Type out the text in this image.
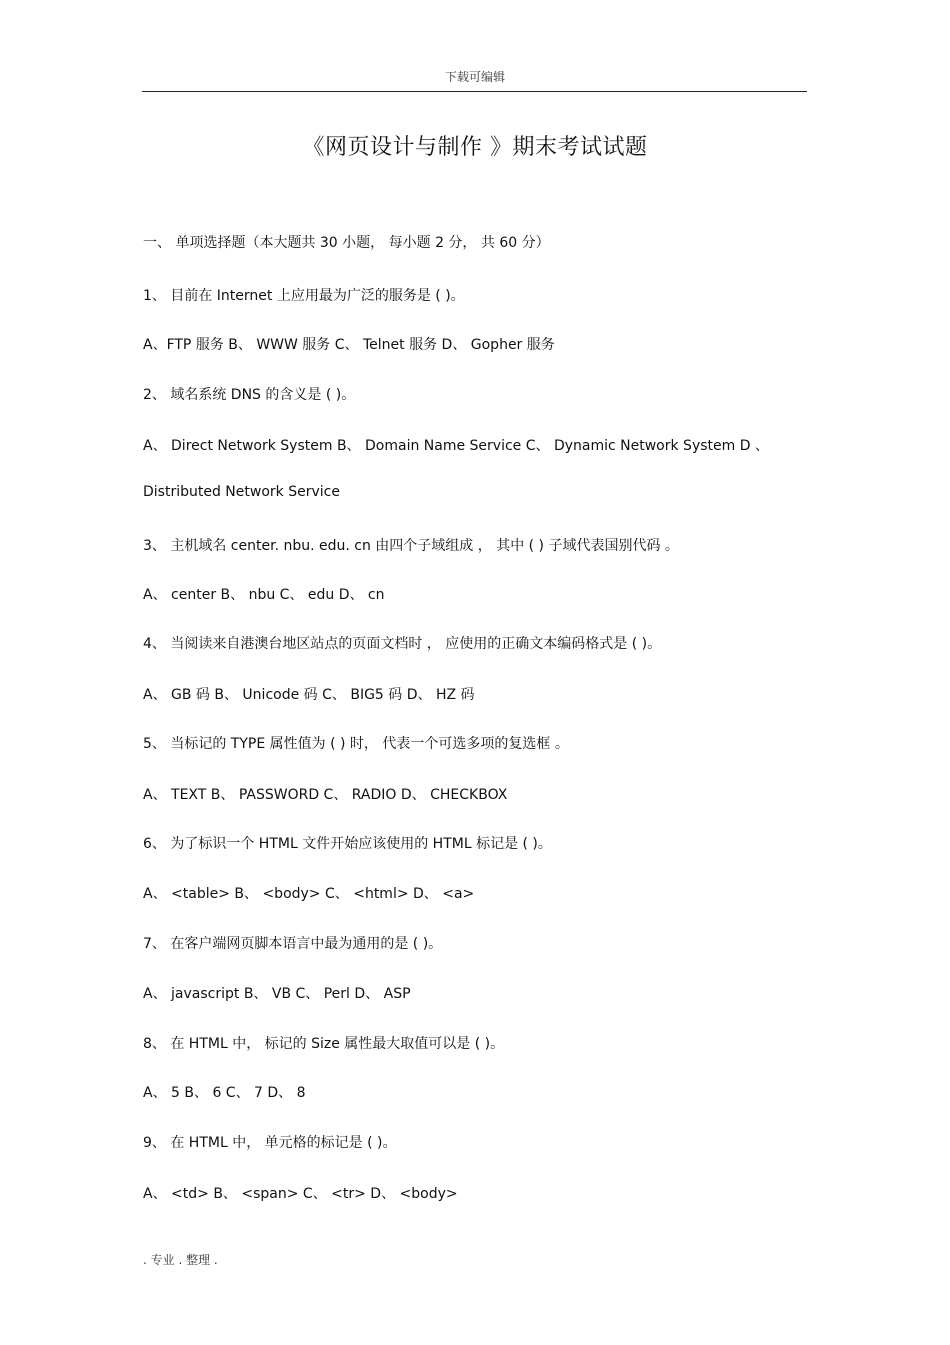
下载可编辑
《网页设计与制作 》期末考试试题
一、 单项选择题（本大题共 30 小题， 每小题 2 分， 共 60 分）
1、 目前在 Internet 上应用最为广泛的服务是 ( )。
A、FTP 服务 B、 WWW 服务 C、 Telnet 服务 D、 Gopher 服务
2、 域名系统 DNS 的含义是 ( )。
A、 Direct Network System B、 Domain Name Service C、 Dynamic Network System D 、
Distributed Network Service
3、 主机域名 center. nbu. edu. cn 由四个子域组成 ， 其中 ( ) 子域代表国别代码 。
A、 center B、 nbu C、 edu D、 cn
4、 当阅读来自港澳台地区站点的页面文档时 ， 应使用的正确文本编码格式是 ( )。
A、 GB 码 B、 Unicode 码 C、 BIG5 码 D、 HZ 码
5、 当标记的 TYPE 属性值为 ( ) 时， 代表一个可选多项的复选框 。
A、 TEXT B、 PASSWORD C、 RADIO D、 CHECKBOX
6、 为了标识一个 HTML 文件开始应该使用的 HTML 标记是 ( )。
A、 <table> B、 <body> C、 <html> D、 <a>
7、 在客户端网页脚本语言中最为通用的是 ( )。
A、 javascript B、 VB C、 Perl D、 ASP
8、 在 HTML 中， 标记的 Size 属性最大取值可以是 ( )。
A、 5 B、 6 C、 7 D、 8
9、 在 HTML 中， 单元格的标记是 ( )。
A、 <td> B、 <span> C、 <tr> D、 <body>
. 专业 . 整理 .
